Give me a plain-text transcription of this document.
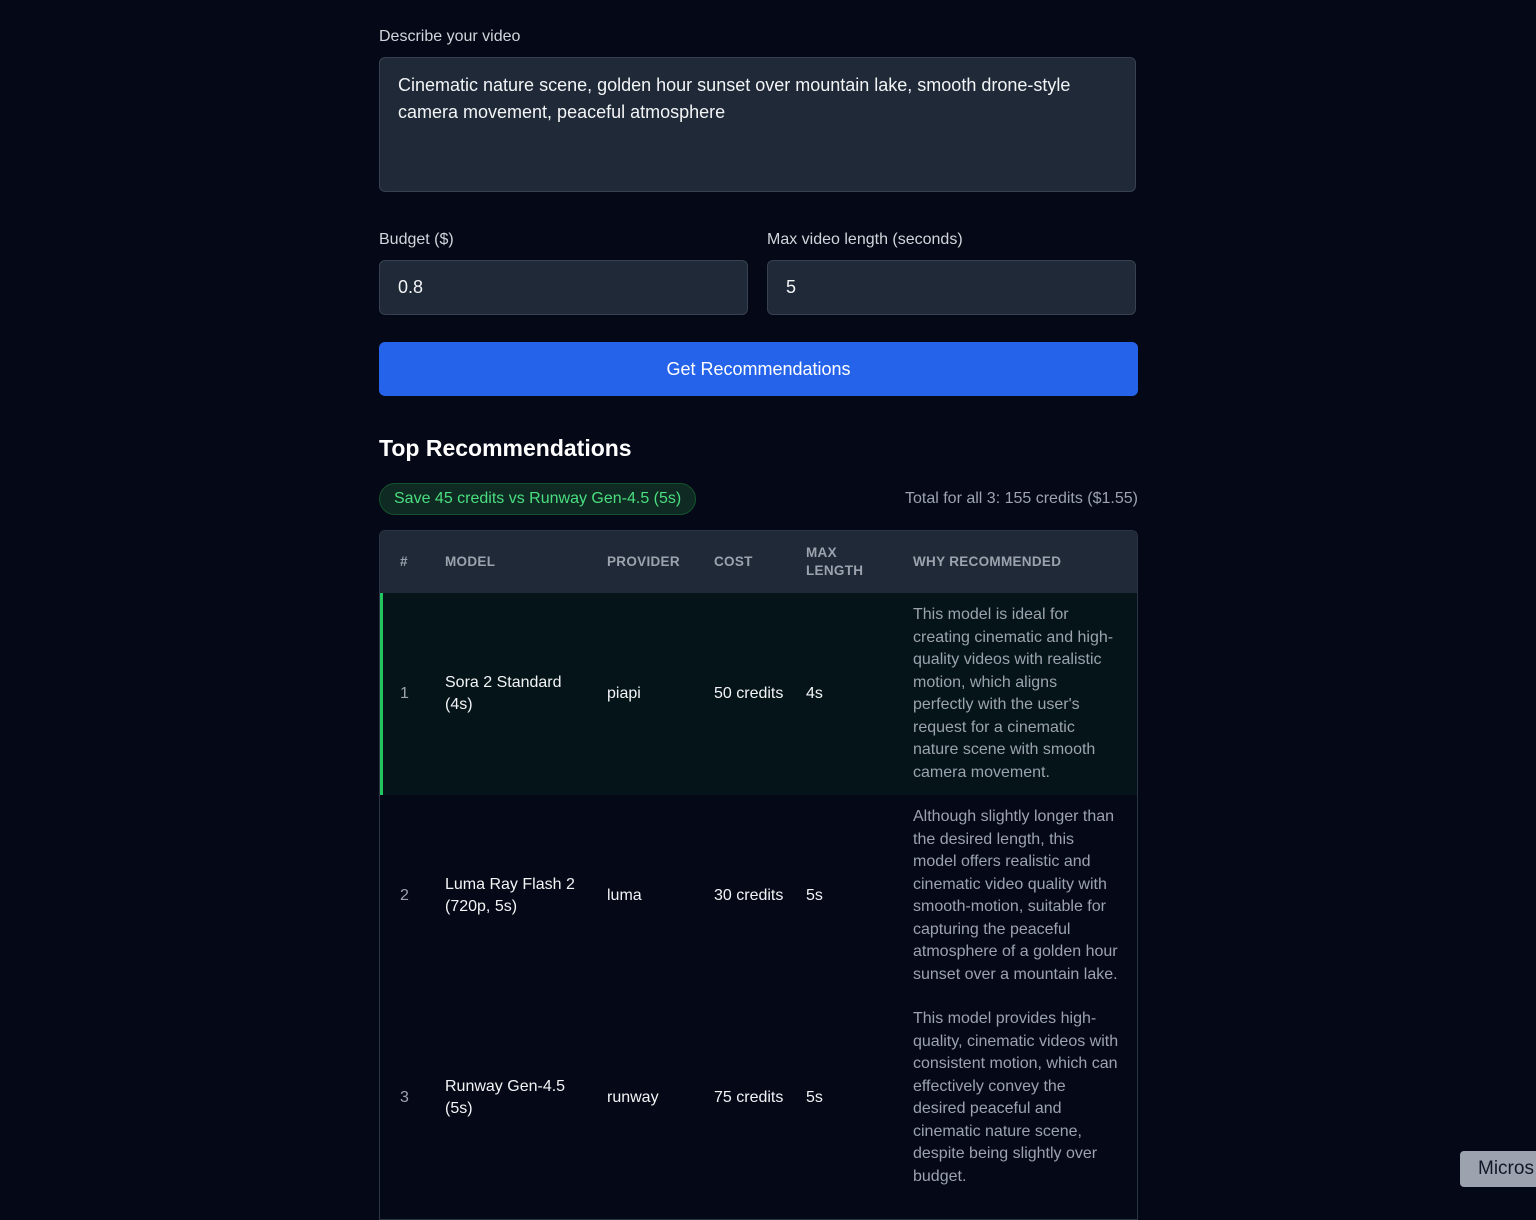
Describe your video
Cinematic nature scene, golden hour sunset over mountain lake, smooth drone-style camera movement, peaceful atmosphere
Budget ($)	Max video length (seconds)
0.8	5
Get Recommendations
Top Recommendations
Save 45 credits vs Runway Gen-4.5 (5s)	Total for all 3: 155 credits ($1.55)
#	MODEL	PROVIDER	COST	MAX LENGTH	WHY RECOMMENDED
1	Sora 2 Standard (4s)	piapi	50 credits	4s	This model is ideal for creating cinematic and high-quality videos with realistic motion, which aligns perfectly with the user's request for a cinematic nature scene with smooth camera movement.
2	Luma Ray Flash 2 (720p, 5s)	luma	30 credits	5s	Although slightly longer than the desired length, this model offers realistic and cinematic video quality with smooth-motion, suitable for capturing the peaceful atmosphere of a golden hour sunset over a mountain lake.
3	Runway Gen-4.5 (5s)	runway	75 credits	5s	This model provides high-quality, cinematic videos with consistent motion, which can effectively convey the desired peaceful and cinematic nature scene, despite being slightly over budget.	Micros
